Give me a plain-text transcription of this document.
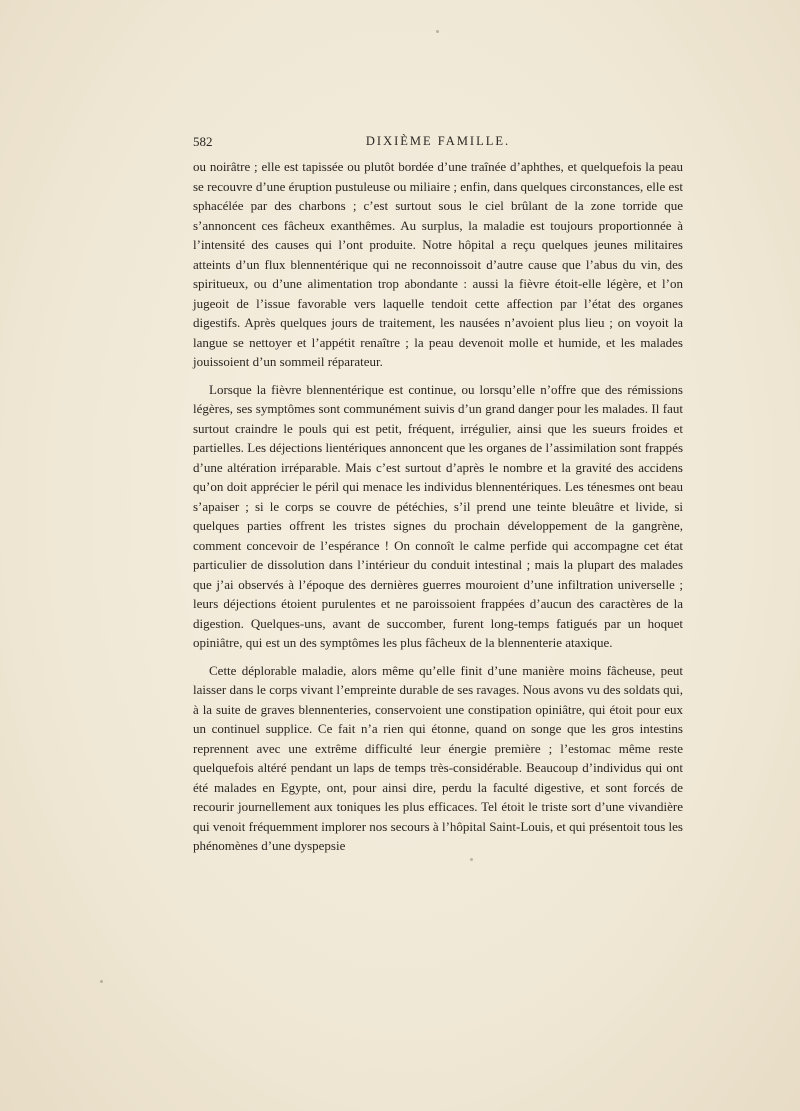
582	DIXIÈME FAMILLE.

ou noirâtre ; elle est tapissée ou plutôt bordée d’une traînée d’aphthes, et quelquefois la peau se recouvre d’une éruption pustuleuse ou miliaire ; enfin, dans quelques circonstances, elle est sphacélée par des charbons ; c’est surtout sous le ciel brûlant de la zone torride que s’annoncent ces fâcheux exanthêmes. Au surplus, la maladie est toujours proportionnée à l’intensité des causes qui l’ont produite. Notre hôpital a reçu quelques jeunes militaires atteints d’un flux blennentérique qui ne reconnoissoit d’autre cause que l’abus du vin, des spiritueux, ou d’une alimentation trop abondante : aussi la fièvre étoit-elle légère, et l’on jugeoit de l’issue favorable vers laquelle tendoit cette affection par l’état des organes digestifs. Après quelques jours de traitement, les nausées n’avoient plus lieu ; on voyoit la langue se nettoyer et l’appétit renaître ; la peau devenoit molle et humide, et les malades jouissoient d’un sommeil réparateur.

Lorsque la fièvre blennentérique est continue, ou lorsqu’elle n’offre que des rémissions légères, ses symptômes sont communément suivis d’un grand danger pour les malades. Il faut surtout craindre le pouls qui est petit, fréquent, irrégulier, ainsi que les sueurs froides et partielles. Les déjections lientériques annoncent que les organes de l’assimilation sont frappés d’une altération irréparable. Mais c’est surtout d’après le nombre et la gravité des accidens qu’on doit apprécier le péril qui menace les individus blennentériques. Les ténesmes ont beau s’apaiser ; si le corps se couvre de pétéchies, s’il prend une teinte bleuâtre et livide, si quelques parties offrent les tristes signes du prochain développement de la gangrène, comment concevoir de l’espérance ! On connoît le calme perfide qui accompagne cet état particulier de dissolution dans l’intérieur du conduit intestinal ; mais la plupart des malades que j’ai observés à l’époque des dernières guerres mouroient d’une infiltration universelle ; leurs déjections étoient purulentes et ne paroissoient frappées d’aucun des caractères de la digestion. Quelques-uns, avant de succomber, furent long-temps fatigués par un hoquet opiniâtre, qui est un des symptômes les plus fâcheux de la blennenterie ataxique.

Cette déplorable maladie, alors même qu’elle finit d’une manière moins fâcheuse, peut laisser dans le corps vivant l’empreinte durable de ses ravages. Nous avons vu des soldats qui, à la suite de graves blennenteries, conservoient une constipation opiniâtre, qui étoit pour eux un continuel supplice. Ce fait n’a rien qui étonne, quand on songe que les gros intestins reprennent avec une extrême difficulté leur énergie première ; l’estomac même reste quelquefois altéré pendant un laps de temps très-considérable. Beaucoup d’individus qui ont été malades en Egypte, ont, pour ainsi dire, perdu la faculté digestive, et sont forcés de recourir journellement aux toniques les plus efficaces. Tel étoit le triste sort d’une vivandière qui venoit fréquemment implorer nos secours à l’hôpital Saint-Louis, et qui présentoit tous les phénomènes d’une dyspepsie
